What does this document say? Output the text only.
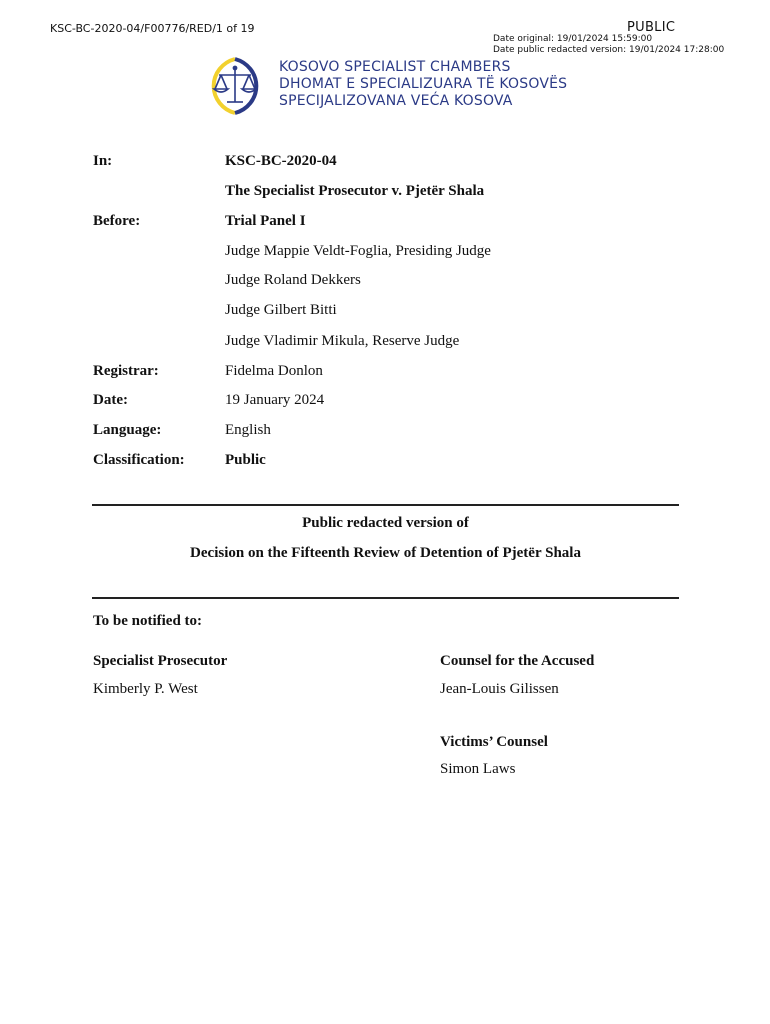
KSC-BC-2020-04/F00776/RED/1 of 19	PUBLIC
Date original: 19/01/2024 15:59:00
Date public redacted version: 19/01/2024 17:28:00
KOSOVO SPECIALIST CHAMBERS
DHOMAT E SPECIALIZUARA TË KOSOVËS
SPECIJALIZOVANA VEĆA KOSOVA
In:	KSC-BC-2020-04
The Specialist Prosecutor v. Pjetër Shala
Before:	Trial Panel I
Judge Mappie Veldt-Foglia, Presiding Judge
Judge Roland Dekkers
Judge Gilbert Bitti
Judge Vladimir Mikula, Reserve Judge
Registrar:	Fidelma Donlon
Date:	19 January 2024
Language:	English
Classification:	Public
Public redacted version of
Decision on the Fifteenth Review of Detention of Pjetër Shala
To be notified to:
Specialist Prosecutor
Kimberly P. West
Counsel for the Accused
Jean-Louis Gilissen
Victims’ Counsel
Simon Laws
